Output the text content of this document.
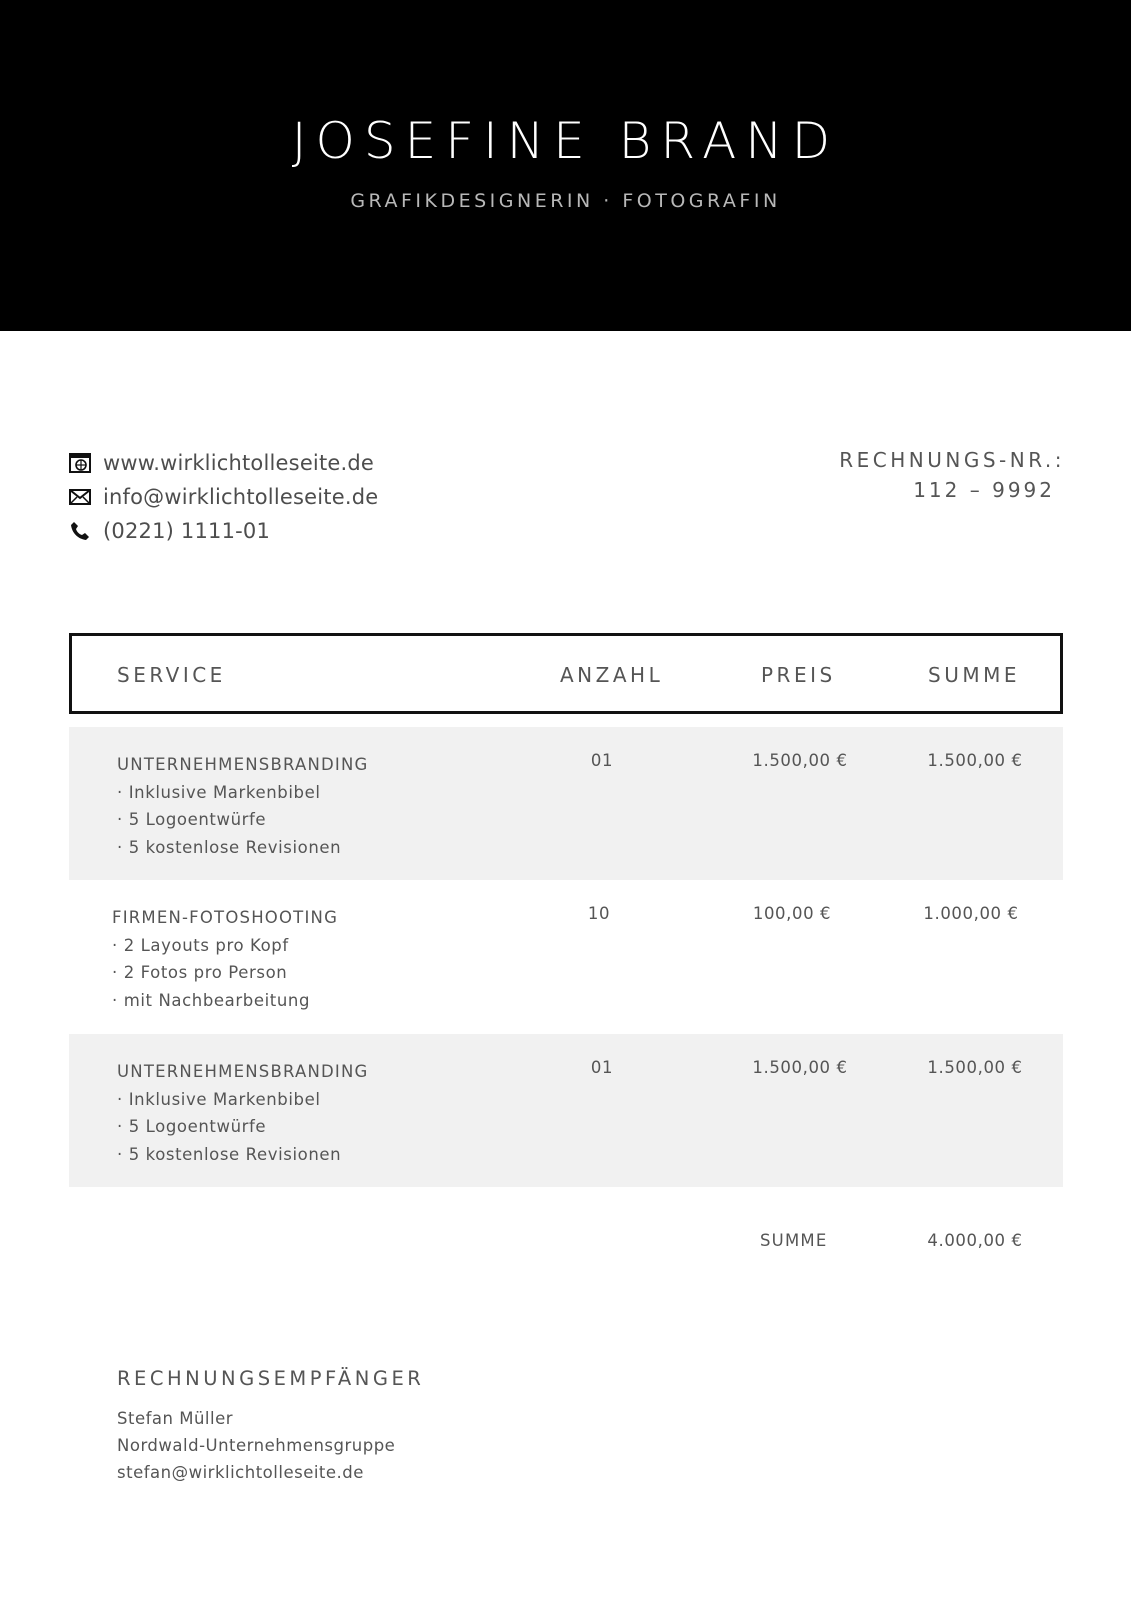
JOSEFINE BRAND
GRAFIKDESIGNERIN · FOTOGRAFIN
www.wirklichtolleseite.de
info@wirklichtolleseite.de
(0221) 1111-01
RECHNUNGS-NR.:
112 – 9992
SERVICE	ANZAHL	PREIS	SUMME
UNTERNEHMENSBRANDING
· Inklusive Markenbibel
· 5 Logoentwürfe
· 5 kostenlose Revisionen
01	1.500,00 €	1.500,00 €
FIRMEN-FOTOSHOOTING
· 2 Layouts pro Kopf
· 2 Fotos pro Person
· mit Nachbearbeitung
10	100,00 €	1.000,00 €
UNTERNEHMENSBRANDING
· Inklusive Markenbibel
· 5 Logoentwürfe
· 5 kostenlose Revisionen
01	1.500,00 €	1.500,00 €
SUMME	4.000,00 €
RECHNUNGSEMPFÄNGER
Stefan Müller
Nordwald-Unternehmensgruppe
stefan@wirklichtolleseite.de
